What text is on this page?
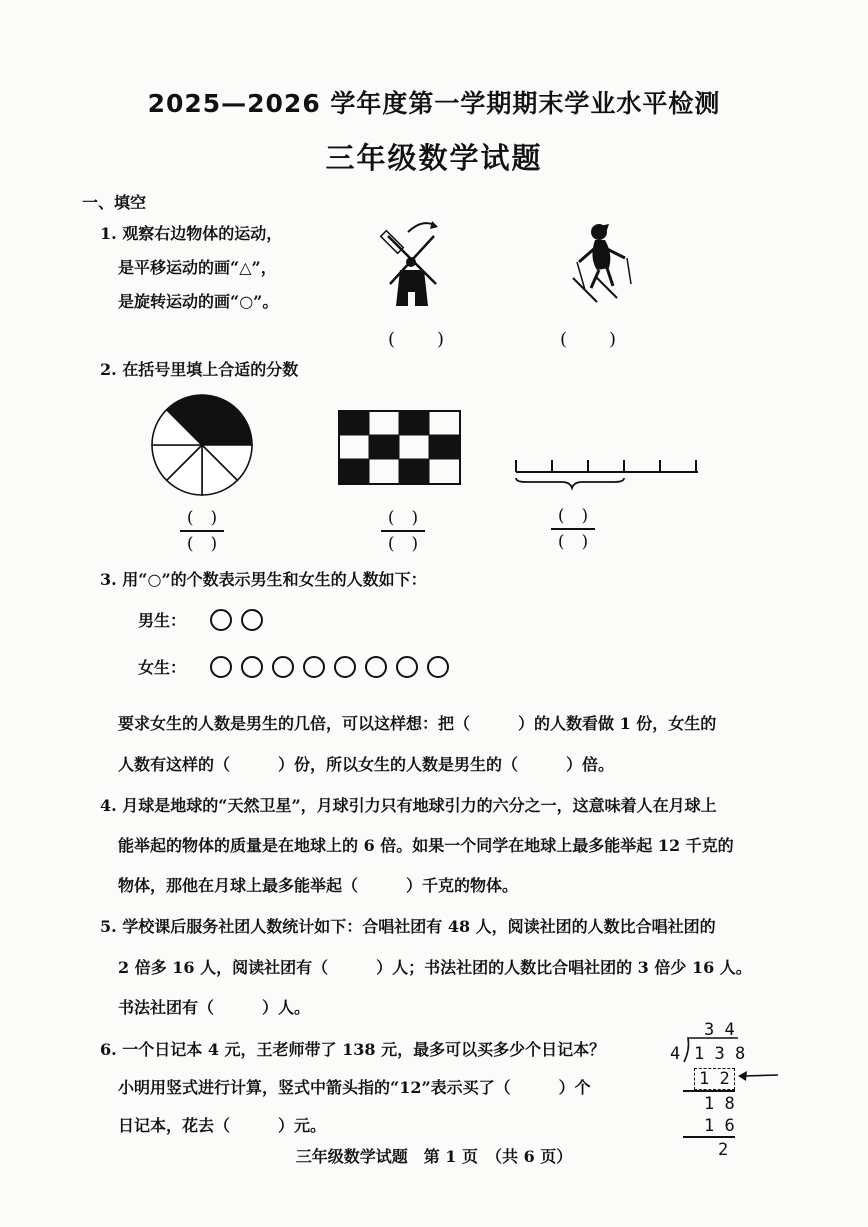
2025—2026 学年度第一学期期末学业水平检测
三年级数学试题
一、填空
1. 观察右边物体的运动，
是平移运动的画“△”，
是旋转运动的画“○”。
(　　)	(　　)
2. 在括号里填上合适的分数
(　)
(　)
(　)
(　)
(　)
(　)
3. 用“○”的个数表示男生和女生的人数如下：
男生：
女生：
要求女生的人数是男生的几倍，可以这样想：把（　　　）的人数看做 1 份，女生的
人数有这样的（　　　）份，所以女生的人数是男生的（　　　）倍。
4. 月球是地球的“天然卫星”，月球引力只有地球引力的六分之一，这意味着人在月球上
能举起的物体的质量是在地球上的 6 倍。如果一个同学在地球上最多能举起 12 千克的
物体，那他在月球上最多能举起（　　　）千克的物体。
5. 学校课后服务社团人数统计如下：合唱社团有 48 人，阅读社团的人数比合唱社团的
2 倍多 16 人，阅读社团有（　　　）人；书法社团的人数比合唱社团的 3 倍少 16 人。
书法社团有（　　　）人。
6. 一个日记本 4 元，王老师带了 138 元，最多可以买多少个日记本？
小明用竖式进行计算，竖式中箭头指的“12”表示买了（　　　）个
日记本，花去（　　　）元。
3 4
4 1 3 8
1 2
1 8
1 6
2
三年级数学试题　第 1 页　（共 6 页）
